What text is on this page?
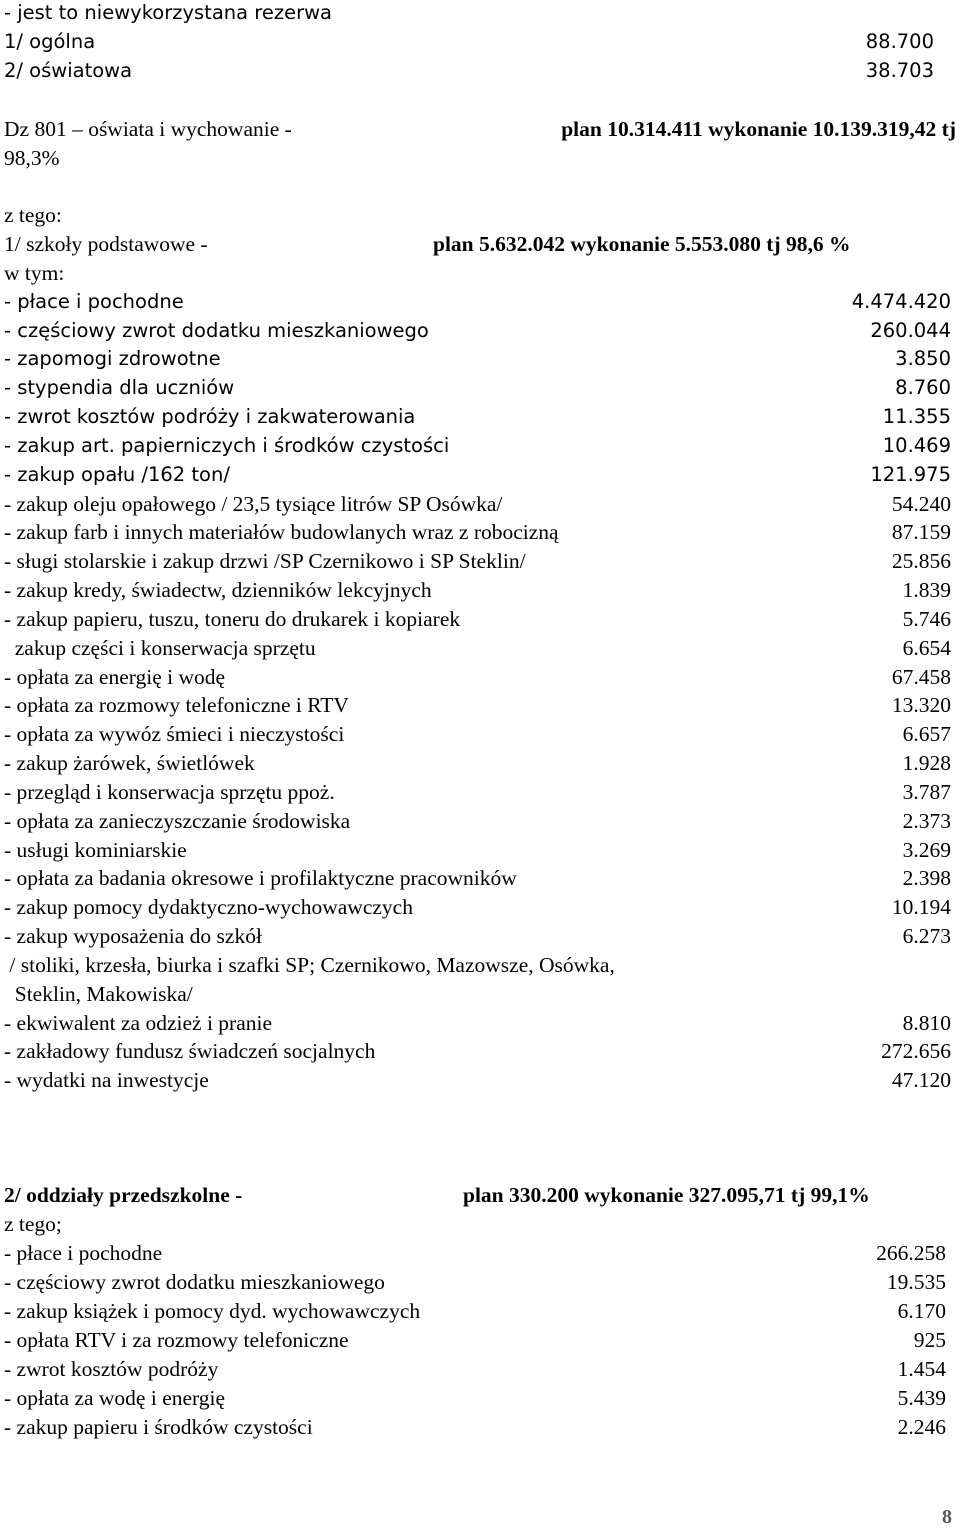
- jest to niewykorzystana rezerwa
1/ ogólna	88.700
2/ oświatowa	38.703
Dz 801 – oświata i wychowanie -	plan 10.314.411 wykonanie 10.139.319,42 tj
98,3%
z tego:
1/ szkoły podstawowe -	plan 5.632.042 wykonanie 5.553.080 tj 98,6 %
w tym:
- płace i pochodne	4.474.420
- częściowy zwrot dodatku mieszkaniowego	260.044
- zapomogi zdrowotne	3.850
- stypendia dla uczniów	8.760
- zwrot kosztów podróży i zakwaterowania	11.355
- zakup art. papierniczych i środków czystości	10.469
- zakup opału /162 ton/	121.975
- zakup oleju opałowego / 23,5 tysiące litrów SP Osówka/	54.240
- zakup farb i innych materiałów budowlanych wraz z robocizną	87.159
- sługi stolarskie i zakup drzwi /SP Czernikowo i SP Steklin/	25.856
- zakup kredy, świadectw, dzienników lekcyjnych	1.839
- zakup papieru, tuszu, toneru do drukarek i kopiarek	5.746
zakup części i konserwacja sprzętu	6.654
- opłata za energię i wodę	67.458
- opłata za rozmowy telefoniczne i RTV	13.320
- opłata za wywóz śmieci i nieczystości	6.657
- zakup żarówek, świetlówek	1.928
- przegląd i konserwacja sprzętu ppoż.	3.787
- opłata za zanieczyszczanie środowiska	2.373
- usługi kominiarskie	3.269
- opłata za badania okresowe i profilaktyczne pracowników	2.398
- zakup pomocy dydaktyczno-wychowawczych	10.194
- zakup wyposażenia do szkół	6.273
/ stoliki, krzesła, biurka i szafki SP; Czernikowo, Mazowsze, Osówka,
Steklin, Makowiska/
- ekwiwalent za odzież i pranie	8.810
- zakładowy fundusz świadczeń socjalnych	272.656
- wydatki na inwestycje	47.120
2/ oddziały przedszkolne -	plan 330.200 wykonanie 327.095,71 tj 99,1%
z tego;
- płace i pochodne	266.258
- częściowy zwrot dodatku mieszkaniowego	19.535
- zakup książek i pomocy dyd. wychowawczych	6.170
- opłata RTV i za rozmowy telefoniczne	925
- zwrot kosztów podróży	1.454
- opłata za wodę i energię	5.439
- zakup papieru i środków czystości	2.246
8
